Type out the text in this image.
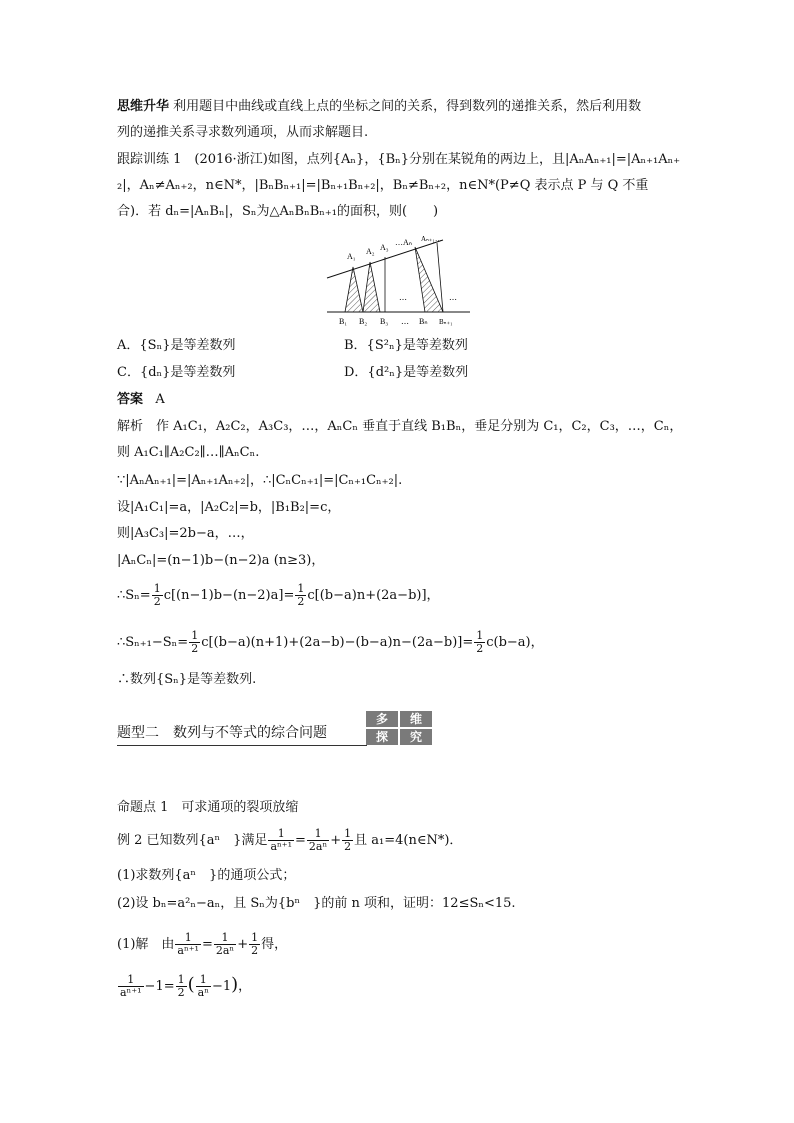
思维升华 利用题目中曲线或直线上点的坐标之间的关系，得到数列的递推关系，然后利用数
列的递推关系寻求数列通项，从而求解题目.
跟踪训练 1　(2016·浙江)如图，点列{Aₙ}，{Bₙ}分别在某锐角的两边上，且|AₙAₙ₊₁|=|Aₙ₊₁Aₙ₊
₂|，Aₙ≠Aₙ₊₂，n∈N*，|BₙBₙ₊₁|=|Bₙ₊₁Bₙ₊₂|，Bₙ≠Bₙ₊₂，n∈N*(P≠Q 表示点 P 与 Q 不重
合)．若 dₙ=|AₙBₙ|，Sₙ为△AₙBₙBₙ₊₁的面积，则(　　)
A₁
A₂ A₃
…Aₙ Aₙ₊₁…
…	…
B₁ B₂ B₃ … Bₙ Bₙ₊₁
A．{Sₙ}是等差数列	B．{S²ₙ}是等差数列
C．{dₙ}是等差数列	D．{d²ₙ}是等差数列
答案 A
解析　作 A₁C₁，A₂C₂，A₃C₃，…，AₙCₙ 垂直于直线 B₁Bₙ，垂足分别为 C₁，C₂，C₃，…，Cₙ，
则 A₁C₁∥A₂C₂∥…∥AₙCₙ.
∵|AₙAₙ₊₁|=|Aₙ₊₁Aₙ₊₂|，∴|CₙCₙ₊₁|=|Cₙ₊₁Cₙ₊₂|.
设|A₁C₁|=a，|A₂C₂|=b，|B₁B₂|=c，
则|A₃C₃|=2b−a，…，
|AₙCₙ|=(n−1)b−(n−2)a (n≥3)，
∴Sₙ= $\frac{1}{2} c[(n-1)b-(n-2)a]= \frac{1}{2} c[(b-a)n+(2a-b)]$，
∴Sₙ₊₁−Sₙ= $\frac{1}{2} c[(b-a)(n+1)+(2a-b)-(b-a)n-(2a-b)]= \frac{1}{2} c(b-a)$，
∴数列{Sₙ}是等差数列.
题型二　数列与不等式的综合问题
多	维
探	究
命题点 1　可求通项的裂项放缩
例 2 已知数列{aⁿ　}满足 $\frac{1}{\text{aⁿ⁺¹}} = \frac{1}{\text{2aⁿ}} + \frac{1}{2}$ 且 a₁=4(n∈N*)．
(1)求数列{aⁿ　}的通项公式；
(2)设 bₙ=a²ₙ−aₙ，且 Sₙ为{bⁿ　}的前 n 项和，证明：12≤Sₙ<15.
(1)解　由 $\frac{1}{\text{aⁿ⁺¹}} = \frac{1}{\text{2aⁿ}} + \frac{1}{2}$ 得，
$\frac{1}{\text{aⁿ⁺¹}} -1= \frac{1}{2}$ ( $\frac{1}{\text{aⁿ}} -1$)，
